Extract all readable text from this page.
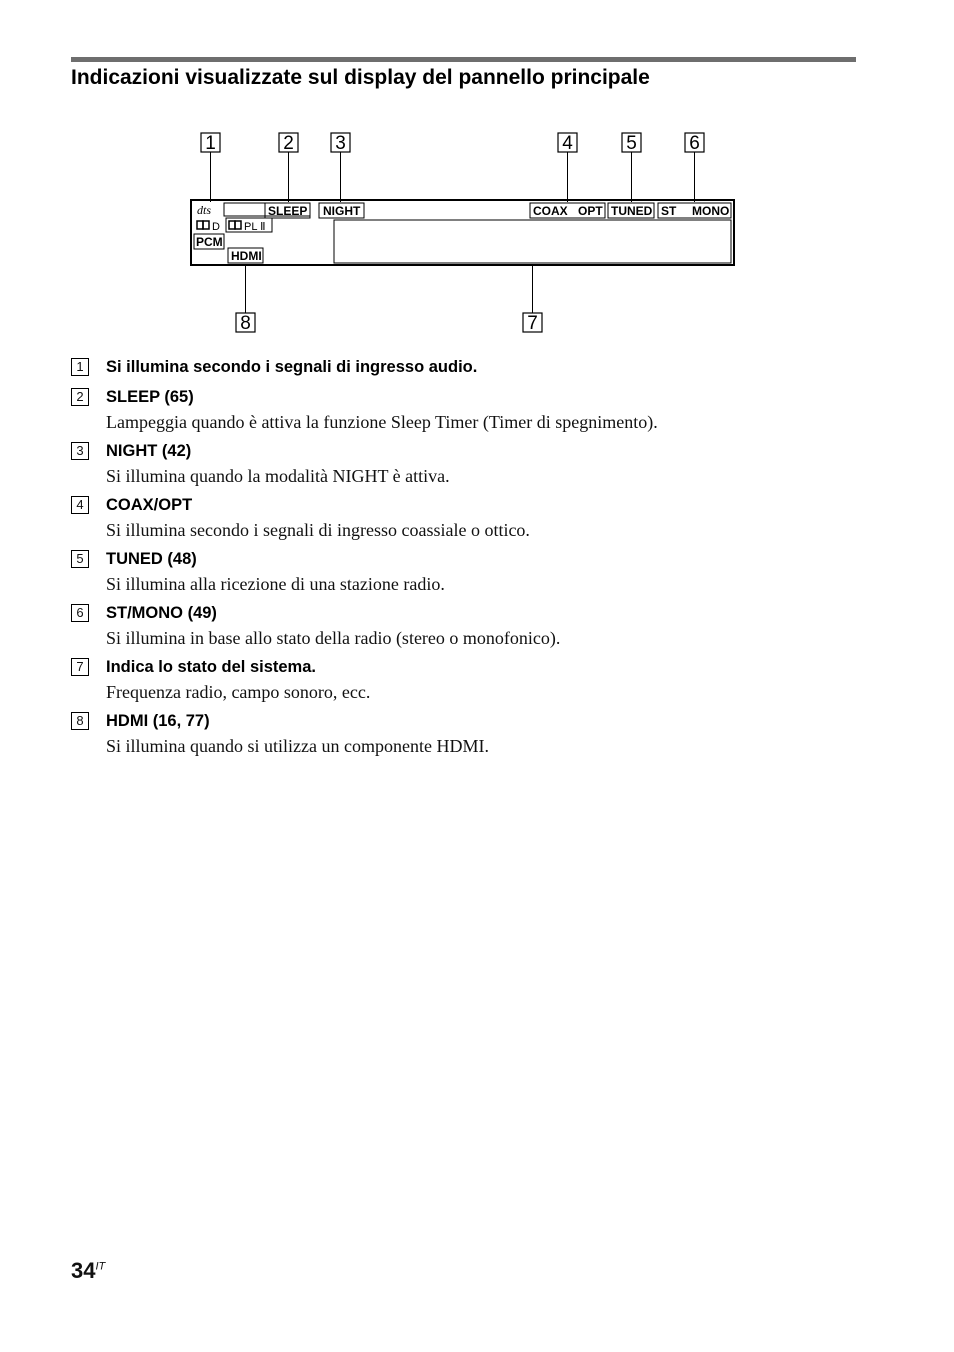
Indicazioni visualizzate sul display del pannello principale
1	2 3	4	5	6
8	7
dts	SLEEP NIGHT	COAX OPT TUNED ST MONO
D PL Ⅱ
PCM
HDMI
1	Si illumina secondo i segnali di ingresso audio.
2	SLEEP (65)
Lampeggia quando è attiva la funzione Sleep Timer (Timer di spegnimento).
3	NIGHT (42)
Si illumina quando la modalità NIGHT è attiva.
4	COAX/OPT
Si illumina secondo i segnali di ingresso coassiale o ottico.
5	TUNED (48)
Si illumina alla ricezione di una stazione radio.
6	ST/MONO (49)
Si illumina in base allo stato della radio (stereo o monofonico).
7	Indica lo stato del sistema.
Frequenza radio, campo sonoro, ecc.
8	HDMI (16, 77)
Si illumina quando si utilizza un componente HDMI.
$34^{IT}$
